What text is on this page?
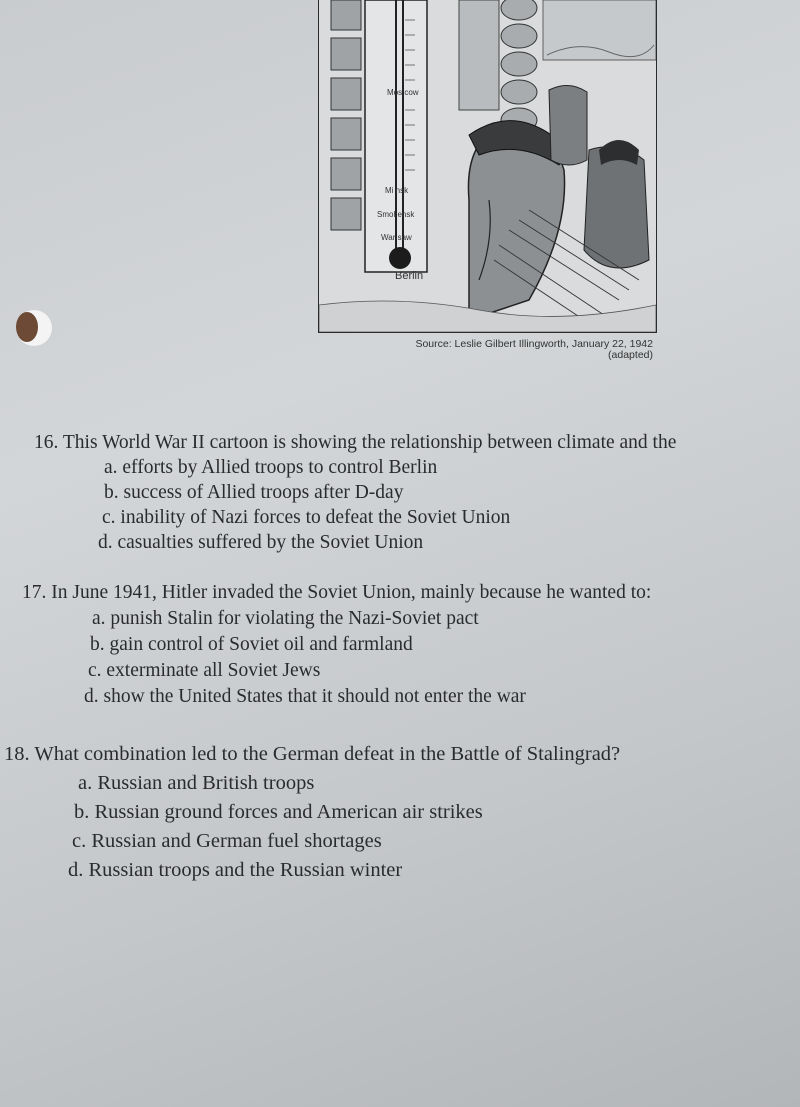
Mos cow
Mi nsk
Smol ensk
War saw
Berlin
Source: Leslie Gilbert Illingworth, January 22, 1942
(adapted)
16. This World War II cartoon is showing the relationship between climate and the
a. efforts by Allied troops to control Berlin
b. success of Allied troops after D-day
c. inability of Nazi forces to defeat the Soviet Union
d. casualties suffered by the Soviet Union
17. In June 1941, Hitler invaded the Soviet Union, mainly because he wanted to:
a. punish Stalin for violating the Nazi-Soviet pact
b. gain control of Soviet oil and farmland
c. exterminate all Soviet Jews
d. show the United States that it should not enter the war
18. What combination led to the German defeat in the Battle of Stalingrad?
a. Russian and British troops
b. Russian ground forces and American air strikes
c. Russian and German fuel shortages
d. Russian troops and the Russian winter
